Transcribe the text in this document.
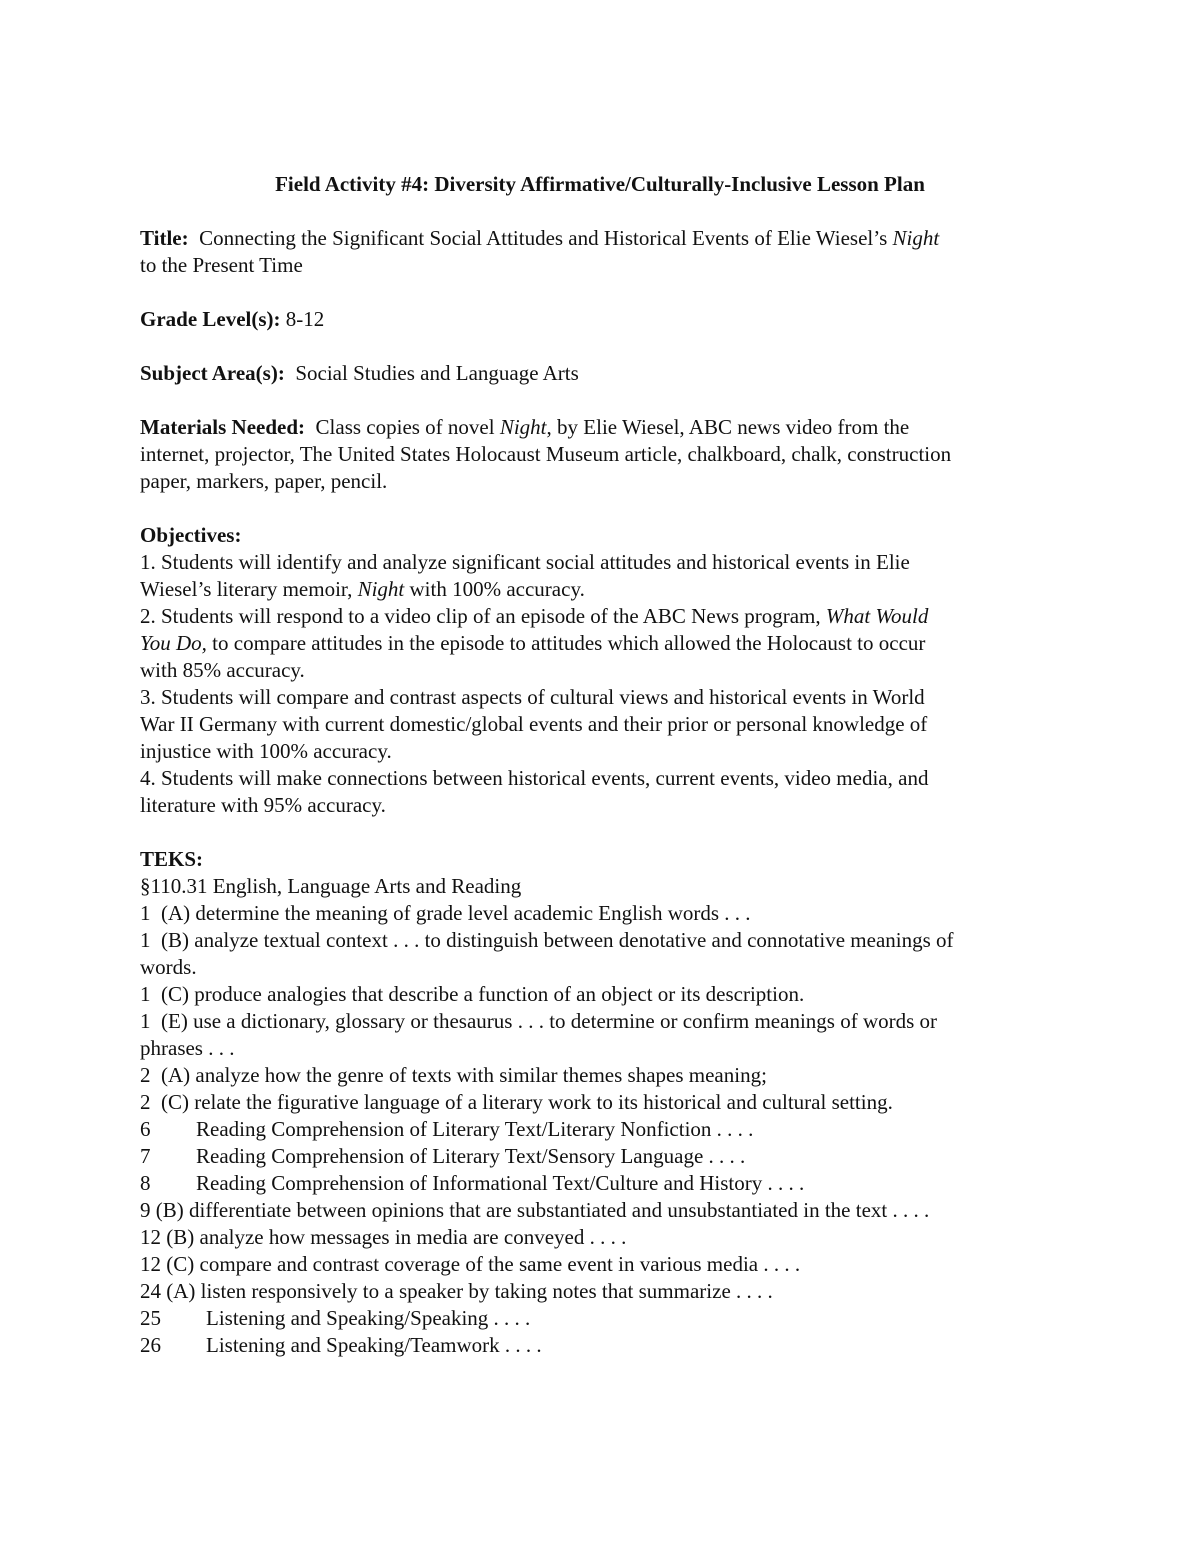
Field Activity #4: Diversity Affirmative/Culturally-Inclusive Lesson Plan

Title: Connecting the Significant Social Attitudes and Historical Events of Elie Wiesel’s Night
to the Present Time
Grade Level(s): 8-12
Subject Area(s): Social Studies and Language Arts
Materials Needed: Class copies of novel Night, by Elie Wiesel, ABC news video from the
internet, projector, The United States Holocaust Museum article, chalkboard, chalk, construction
paper, markers, paper, pencil.
Objectives:
1. Students will identify and analyze significant social attitudes and historical events in Elie
Wiesel’s literary memoir, Night with 100% accuracy.
2. Students will respond to a video clip of an episode of the ABC News program, What Would
You Do, to compare attitudes in the episode to attitudes which allowed the Holocaust to occur
with 85% accuracy.
3. Students will compare and contrast aspects of cultural views and historical events in World
War II Germany with current domestic/global events and their prior or personal knowledge of
injustice with 100% accuracy.
4. Students will make connections between historical events, current events, video media, and
literature with 95% accuracy.
TEKS:
§110.31 English, Language Arts and Reading
1 (A) determine the meaning of grade level academic English words . . .
1 (B) analyze textual context . . . to distinguish between denotative and connotative meanings of
words.
1 (C) produce analogies that describe a function of an object or its description.
1 (E) use a dictionary, glossary or thesaurus . . . to determine or confirm meanings of words or
phrases . . .
2 (A) analyze how the genre of texts with similar themes shapes meaning;
2 (C) relate the figurative language of a literary work to its historical and cultural setting.
6 Reading Comprehension of Literary Text/Literary Nonfiction . . . .
7 Reading Comprehension of Literary Text/Sensory Language . . . .
8 Reading Comprehension of Informational Text/Culture and History . . . .
9 (B) differentiate between opinions that are substantiated and unsubstantiated in the text . . . .
12 (B) analyze how messages in media are conveyed . . . .
12 (C) compare and contrast coverage of the same event in various media . . . .
24 (A) listen responsively to a speaker by taking notes that summarize . . . .
25 Listening and Speaking/Speaking . . . .
26 Listening and Speaking/Teamwork . . . .
